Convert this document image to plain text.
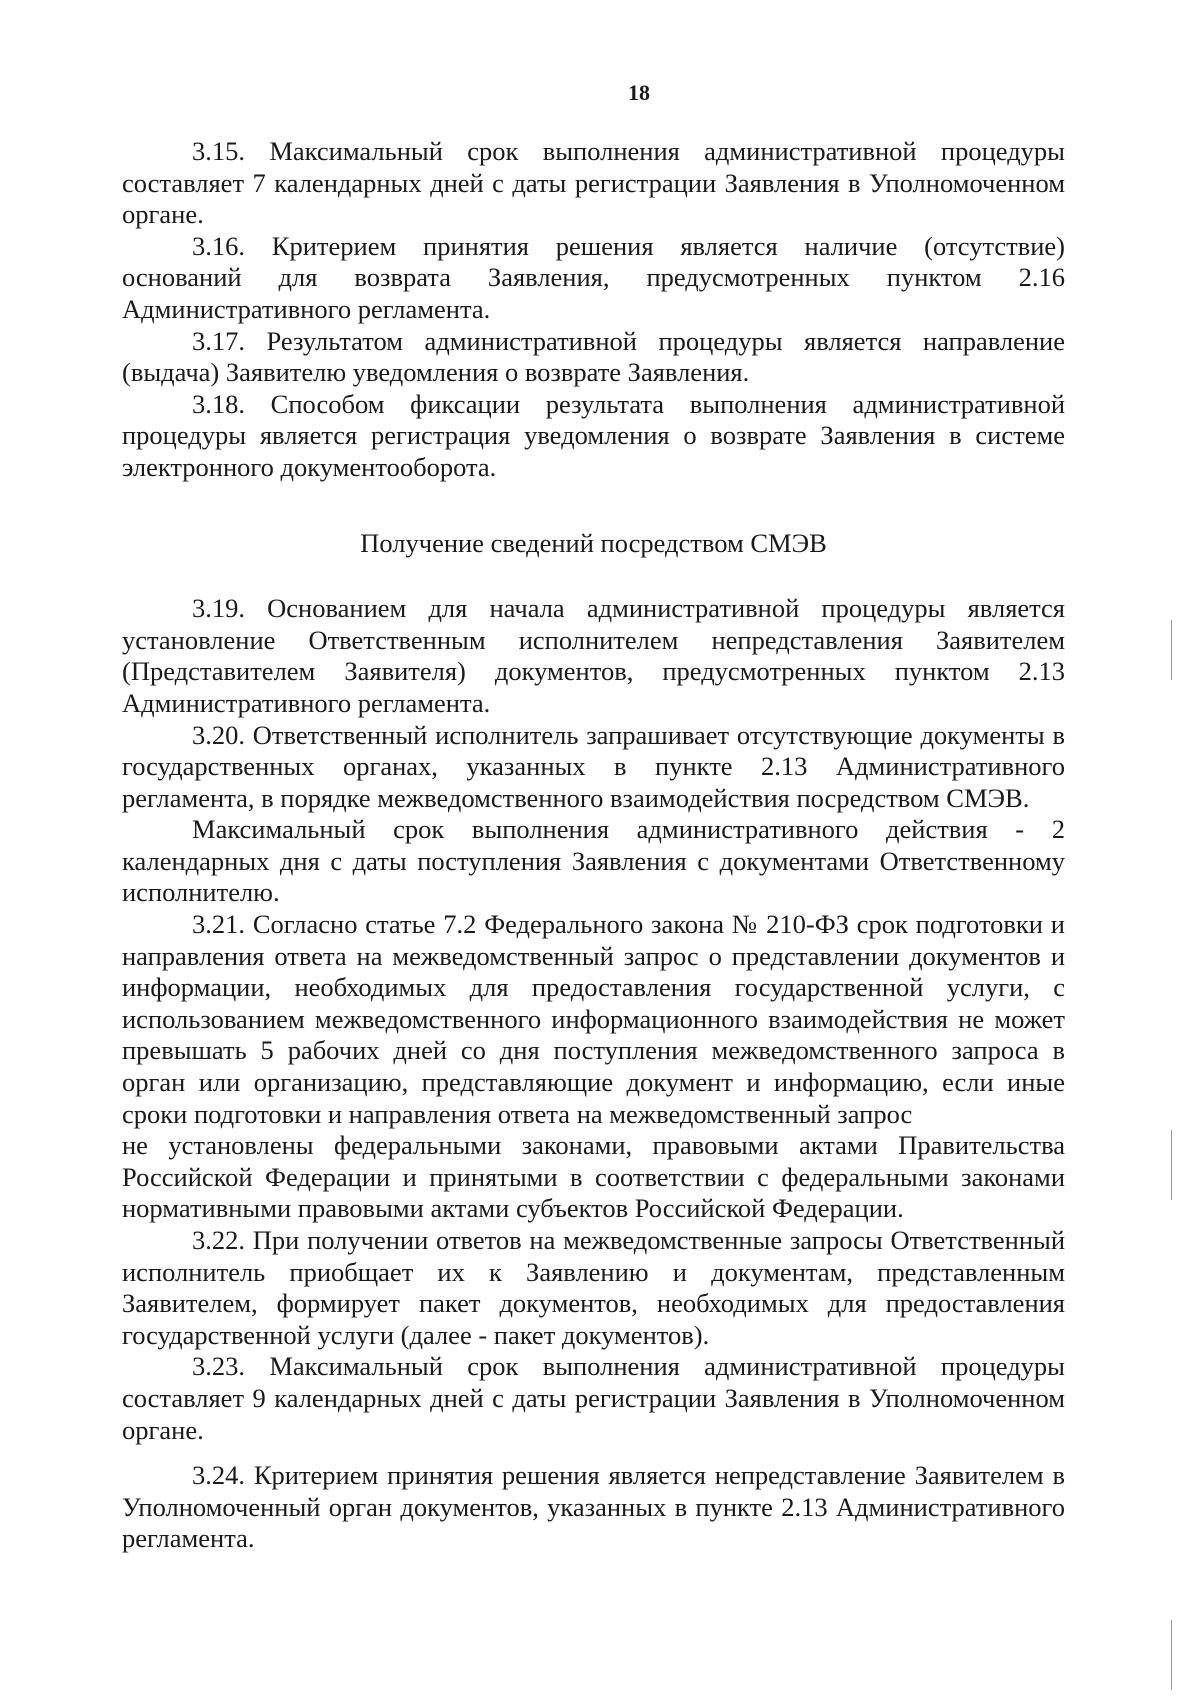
18

3.15. Максимальный срок выполнения административной процедуры составляет 7 календарных дней с даты регистрации Заявления в Уполномоченном органе.

3.16. Критерием принятия решения является наличие (отсутствие) оснований для возврата Заявления, предусмотренных пунктом 2.16 Административного регламента.

3.17. Результатом административной процедуры является направление (выдача) Заявителю уведомления о возврате Заявления.

3.18. Способом фиксации результата выполнения административной процедуры является регистрация уведомления о возврате Заявления в системе электронного документооборота.

Получение сведений посредством СМЭВ

3.19. Основанием для начала административной процедуры является установление Ответственным исполнителем непредставления Заявителем (Представителем Заявителя) документов, предусмотренных пунктом 2.13 Административного регламента.

3.20. Ответственный исполнитель запрашивает отсутствующие документы в государственных органах, указанных в пункте 2.13 Административного регламента, в порядке межведомственного взаимодействия посредством СМЭВ.

Максимальный срок выполнения административного действия - 2 календарных дня с даты поступления Заявления с документами Ответственному исполнителю.

3.21. Согласно статье 7.2 Федерального закона № 210-ФЗ срок подготовки и направления ответа на межведомственный запрос о представлении документов и информации, необходимых для предоставления государственной услуги, с использованием межведомственного информационного взаимодействия не может превышать 5 рабочих дней со дня поступления межведомственного запроса в орган или организацию, представляющие документ и информацию, если иные сроки подготовки и направления ответа на межведомственный запрос

не установлены федеральными законами, правовыми актами Правительства Российской Федерации и принятыми в соответствии с федеральными законами нормативными правовыми актами субъектов Российской Федерации.

3.22. При получении ответов на межведомственные запросы Ответственный исполнитель приобщает их к Заявлению и документам, представленным Заявителем, формирует пакет документов, необходимых для предоставления государственной услуги (далее - пакет документов).

3.23. Максимальный срок выполнения административной процедуры составляет 9 календарных дней с даты регистрации Заявления в Уполномоченном органе.

3.24. Критерием принятия решения является непредставление Заявителем в Уполномоченный орган документов, указанных в пункте 2.13 Административного регламента.
